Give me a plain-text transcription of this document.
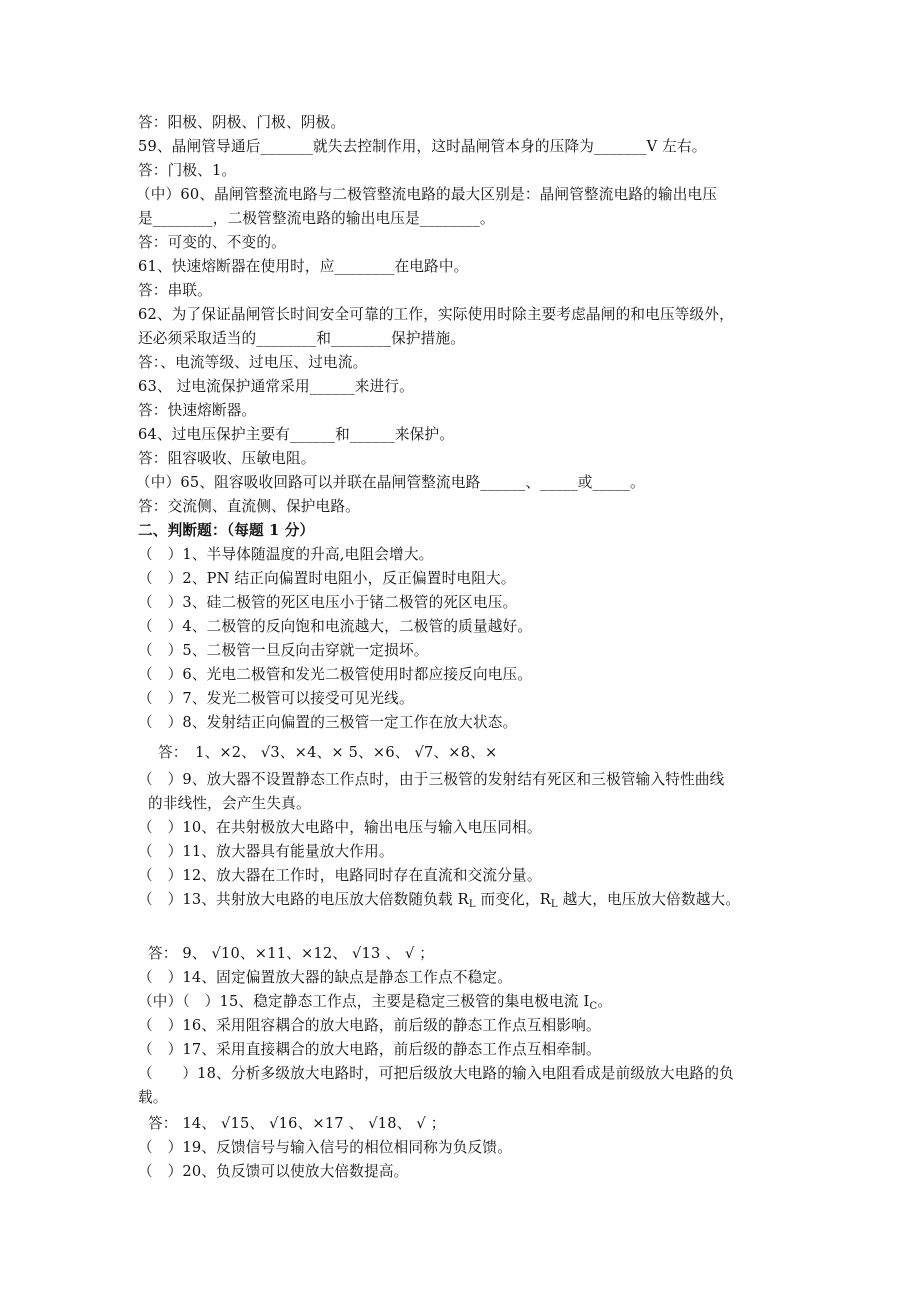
答：阳极、阴极、门极、阴极。
59、晶闸管导通后_______就失去控制作用，这时晶闸管本身的压降为_______V 左右。
答：门极、1。
（中）60、晶闸管整流电路与二极管整流电路的最大区别是：晶闸管整流电路的输出电压
是________，二极管整流电路的输出电压是________。
答：可变的、不变的。
61、快速熔断器在使用时，应________在电路中。
答：串联。
62、为了保证晶闸管长时间安全可靠的工作，实际使用时除主要考虑晶闸的和电压等级外，
还必须采取适当的________和________保护措施。
答：、电流等级、过电压、过电流。
63、 过电流保护通常采用______来进行。
答：快速熔断器。
64、过电压保护主要有______和______来保护。
答：阻容吸收、压敏电阻。
（中）65、阻容吸收回路可以并联在晶闸管整流电路______、_____或_____。
答：交流侧、直流侧、保护电路。
二、判断题：（每题 1 分）
（　）1、半导体随温度的升高,电阻会增大。
（　）2、PN 结正向偏置时电阻小，反正偏置时电阻大。
（　）3、硅二极管的死区电压小于锗二极管的死区电压。
（　）4、二极管的反向饱和电流越大，二极管的质量越好。
（　）5、二极管一旦反向击穿就一定损坏。
（　）6、光电二极管和发光二极管使用时都应接反向电压。
（　）7、发光二极管可以接受可见光线。
（　）8、发射结正向偏置的三极管一定工作在放大状态。
答：　1、×2、 √3、×4、× 5、×6、 √7、×8、×
（　）9、放大器不设置静态工作点时，由于三极管的发射结有死区和三极管输入特性曲线
的非线性，会产生失真。
（　）10、在共射极放大电路中，输出电压与输入电压同相。
（　）11、放大器具有能量放大作用。
（　）12、放大器在工作时，电路同时存在直流和交流分量。
（　）13、共射放大电路的电压放大倍数随负载 $R_L$ 而变化，$R_L$ 越大，电压放大倍数越大。
答： 9、 √10、×11、×12、 √13 、 √ ；
（　）14、固定偏置放大器的缺点是静态工作点不稳定。
（中）（　）15、稳定静态工作点，主要是稳定三极管的集电极电流 $I_C$。
（　）16、采用阻容耦合的放大电路，前后级的静态工作点互相影响。
（　）17、采用直接耦合的放大电路，前后级的静态工作点互相牵制。
（　　）18、分析多级放大电路时，可把后级放大电路的输入电阻看成是前级放大电路的负
载。
答： 14、 √15、 √16、×17 、 √18、 √ ；
（　）19、反馈信号与输入信号的相位相同称为负反馈。
（　）20、负反馈可以使放大倍数提高。
